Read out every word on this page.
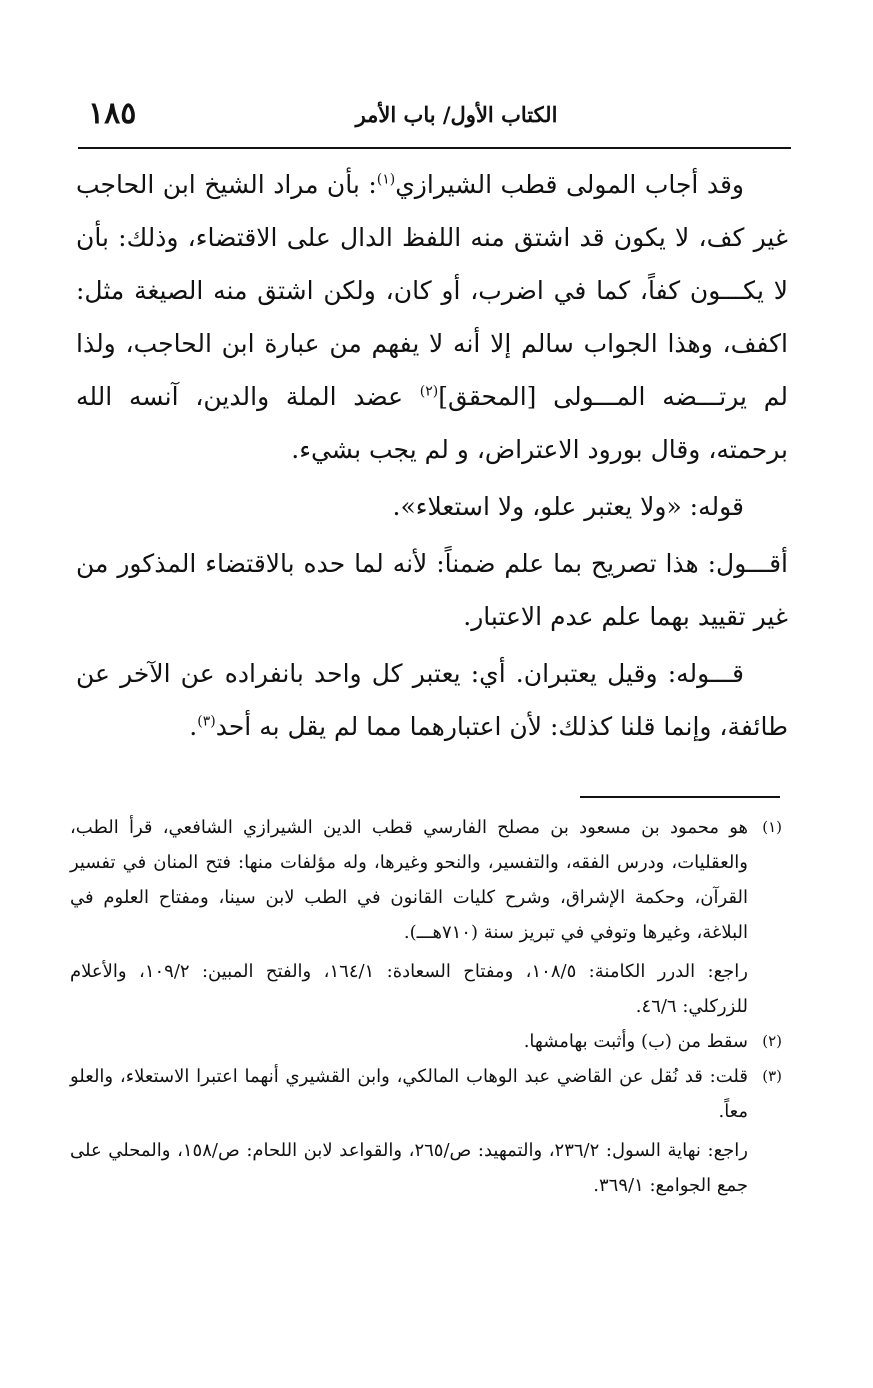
١٨٥	الكتاب الأول/ باب الأمر

وقد أجاب المولى قطب الشيرازي$^{(١)}$: بأن مراد الشيخ ابن الحاجب غير كف، لا يكون قد اشتق منه اللفظ الدال على الاقتضاء، وذلك: بأن لا يكـــون كفاً، كما في اضرب، أو كان، ولكن اشتق منه الصيغة مثل: اكفف، وهذا الجواب سالم إلا أنه لا يفهم من عبارة ابن الحاجب، ولذا لم يرتـــضه المـــولى [المحقق]$^{(٢)}$ عضد الملة والدين، آنسه الله برحمته، وقال بورود الاعتراض، و لم يجب بشيء.

قوله: «ولا يعتبر علو، ولا استعلاء».

أقـــول: هذا تصريح بما علم ضمناً: لأنه لما حده بالاقتضاء المذكور من غير تقييد بهما علم عدم الاعتبار.

قـــوله: وقيل يعتبران. أي: يعتبر كل واحد بانفراده عن الآخر عن طائفة، وإنما قلنا كذلك: لأن اعتبارهما مما لم يقل به أحد$^{(٣)}$.

(١)

هو محمود بن مسعود بن مصلح الفارسي قطب الدين الشيرازي الشافعي، قرأ الطب، والعقليات، ودرس الفقه، والتفسير، والنحو وغيرها، وله مؤلفات منها: فتح المنان في تفسير القرآن، وحكمة الإشراق، وشرح كليات القانون في الطب لابن سينا، ومفتاح العلوم في البلاغة، وغيرها وتوفي في تبريز سنة (٧١٠هـــ).

راجع: الدرر الكامنة: ١٠٨/٥، ومفتاح السعادة: ١٦٤/١، والفتح المبين: ١٠٩/٢، والأعلام للزركلي: ٤٦/٦.

(٢)

سقط من (ب) وأثبت بهامشها.

(٣)

قلت: قد نُقل عن القاضي عبد الوهاب المالكي، وابن القشيري أنهما اعتبرا الاستعلاء، والعلو معاً.

راجع: نهاية السول: ٢٣٦/٢، والتمهيد: ص/٢٦٥، والقواعد لابن اللحام: ص/١٥٨، والمحلي على جمع الجوامع: ٣٦٩/١.
